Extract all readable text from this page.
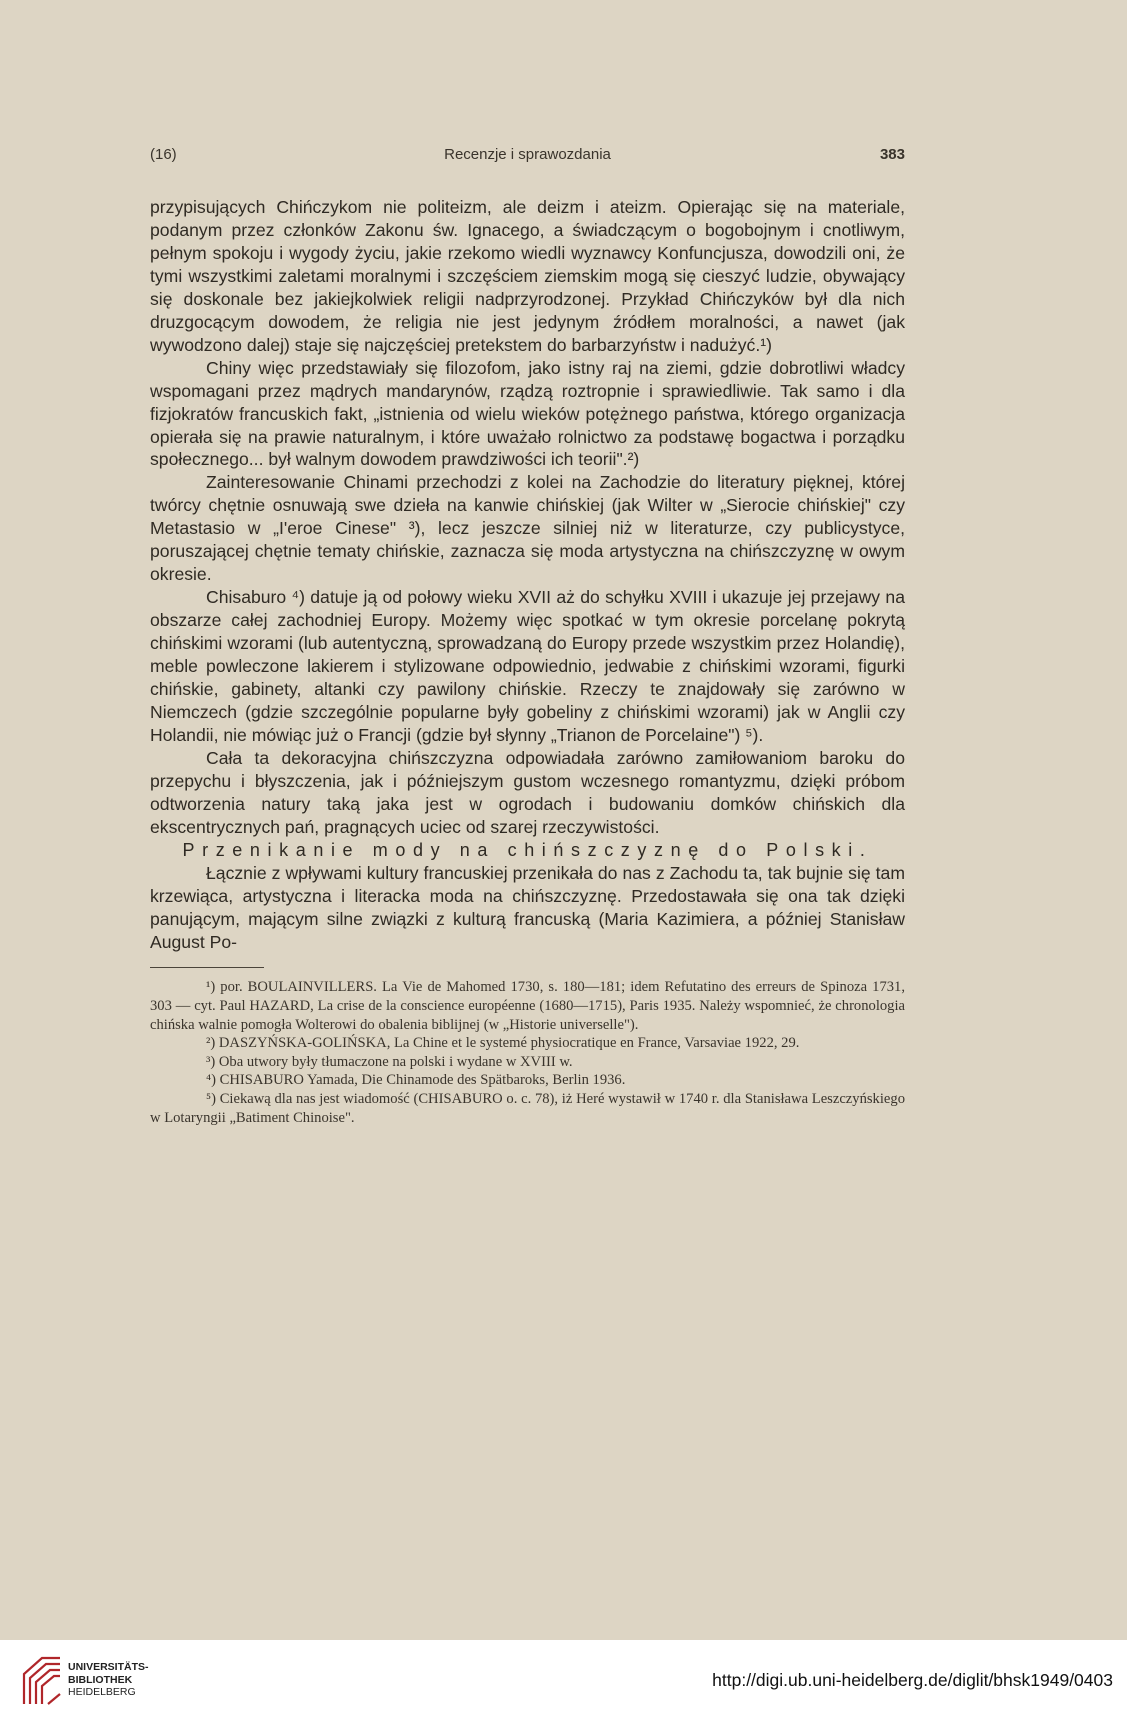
(16)	Recenzje i sprawozdania	383

przypisujących Chińczykom nie politeizm, ale deizm i ateizm. Opierając się na materiale, podanym przez członków Zakonu św. Ignacego, a świadczącym o bogobojnym i cnotliwym, pełnym spokoju i wygody życiu, jakie rzekomo wiedli wyznawcy Konfuncjusza, dowodzili oni, że tymi wszystkimi zaletami moralnymi i szczęściem ziemskim mogą się cieszyć ludzie, obywający się doskonale bez jakiejkolwiek religii nadprzyrodzonej. Przykład Chińczyków był dla nich druzgocącym dowodem, że religia nie jest jedynym źródłem moralności, a nawet (jak wywodzono dalej) staje się najczęściej pretekstem do barbarzyństw i nadużyć.¹)

Chiny więc przedstawiały się filozofom, jako istny raj na ziemi, gdzie dobrotliwi władcy wspomagani przez mądrych mandarynów, rządzą roztropnie i sprawiedliwie. Tak samo i dla fizjokratów francuskich fakt, „istnienia od wielu wieków potężnego państwa, którego organizacja opierała się na prawie naturalnym, i które uważało rolnictwo za podstawę bogactwa i porządku społecznego... był walnym dowodem prawdziwości ich teorii".²)

Zainteresowanie Chinami przechodzi z kolei na Zachodzie do literatury pięknej, której twórcy chętnie osnuwają swe dzieła na kanwie chińskiej (jak Wilter w „Sierocie chińskiej" czy Metastasio w „I'eroe Cinese" ³), lecz jeszcze silniej niż w literaturze, czy publicystyce, poruszającej chętnie tematy chińskie, zaznacza się moda artystyczna na chińszczyznę w owym okresie.

Chisaburo ⁴) datuje ją od połowy wieku XVII aż do schyłku XVIII i ukazuje jej przejawy na obszarze całej zachodniej Europy. Możemy więc spotkać w tym okresie porcelanę pokrytą chińskimi wzorami (lub autentyczną, sprowadzaną do Europy przede wszystkim przez Holandię), meble powleczone lakierem i stylizowane odpowiednio, jedwabie z chińskimi wzorami, figurki chińskie, gabinety, altanki czy pawilony chińskie. Rzeczy te znajdowały się zarówno w Niemczech (gdzie szczególnie popularne były gobeliny z chińskimi wzorami) jak w Anglii czy Holandii, nie mówiąc już o Francji (gdzie był słynny „Trianon de Porcelaine") ⁵).

Cała ta dekoracyjna chińszczyzna odpowiadała zarówno zamiłowaniom baroku do przepychu i błyszczenia, jak i późniejszym gustom wczesnego romantyzmu, dzięki próbom odtworzenia natury taką jaka jest w ogrodach i budowaniu domków chińskich dla ekscentrycznych pań, pragnących uciec od szarej rzeczywistości.

Przenikanie mody na chińszczyznę do Polski.

Łącznie z wpływami kultury francuskiej przenikała do nas z Zachodu ta, tak bujnie się tam krzewiąca, artystyczna i literacka moda na chińszczyznę. Przedostawała się ona tak dzięki panującym, mającym silne związki z kulturą francuską (Maria Kazimiera, a później Stanisław August Po-

¹) por. BOULAINVILLERS. La Vie de Mahomed 1730, s. 180—181; idem Refutatino des erreurs de Spinoza 1731, 303 — cyt. Paul HAZARD, La crise de la conscience européenne (1680—1715), Paris 1935. Należy wspomnieć, że chronologia chińska walnie pomogła Wolterowi do obalenia biblijnej (w „Historie universelle").

²) DASZYŃSKA-GOLIŃSKA, La Chine et le systemé physiocratique en France, Varsaviae 1922, 29.

³) Oba utwory były tłumaczone na polski i wydane w XVIII w.

⁴) CHISABURO Yamada, Die Chinamode des Spätbaroks, Berlin 1936.

⁵) Ciekawą dla nas jest wiadomość (CHISABURO o. c. 78), iż Heré wystawił w 1740 r. dla Stanisława Leszczyńskiego w Lotaryngii „Batiment Chinoise".

UNIVERSITÄTS-
BIBLIOTHEK
HEIDELBERG
http://digi.ub.uni-heidelberg.de/diglit/bhsk1949/0403
